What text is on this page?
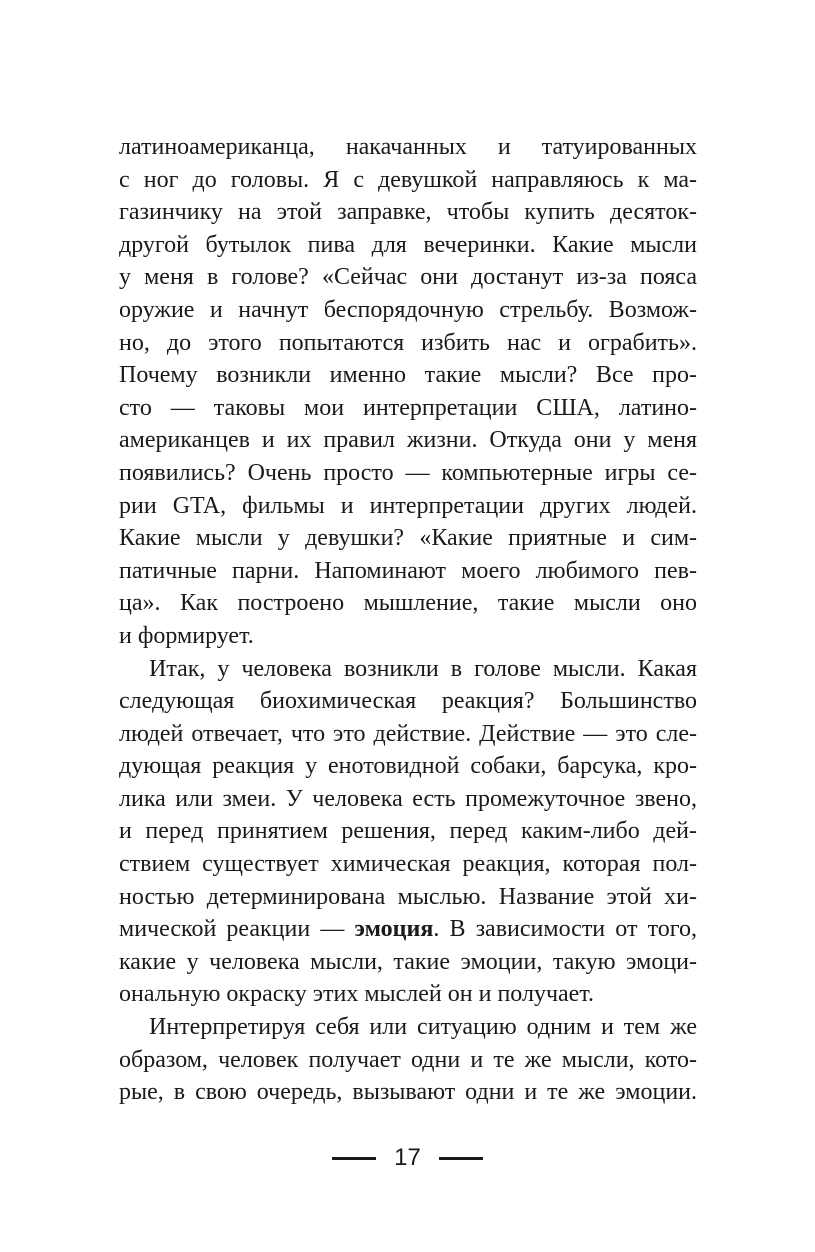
латиноамериканца, накачанных и татуированных
с ног до головы. Я с девушкой направляюсь к ма-
газинчику на этой заправке, чтобы купить десяток-
другой бутылок пива для вечеринки. Какие мысли
у меня в голове? «Сейчас они достанут из-за пояса
оружие и начнут беспорядочную стрельбу. Возмож-
но, до этого попытаются избить нас и ограбить».
Почему возникли именно такие мысли? Все про-
сто — таковы мои интерпретации США, латино-
американцев и их правил жизни. Откуда они у меня
появились? Очень просто — компьютерные игры се-
рии GTA, фильмы и интерпретации других людей.
Какие мысли у девушки? «Какие приятные и сим-
патичные парни. Напоминают моего любимого пев-
ца». Как построено мышление, такие мысли оно
и формирует.
Итак, у человека возникли в голове мысли. Какая
следующая биохимическая реакция? Большинство
людей отвечает, что это действие. Действие — это сле-
дующая реакция у енотовидной собаки, барсука, кро-
лика или змеи. У человека есть промежуточное звено,
и перед принятием решения, перед каким-либо дей-
ствием существует химическая реакция, которая пол-
ностью детерминирована мыслью. Название этой хи-
мической реакции — эмоция. В зависимости от того,
какие у человека мысли, такие эмоции, такую эмоци-
ональную окраску этих мыслей он и получает.
Интерпретируя себя или ситуацию одним и тем же
образом, человек получает одни и те же мысли, кото-
рые, в свою очередь, вызывают одни и те же эмоции.
17
